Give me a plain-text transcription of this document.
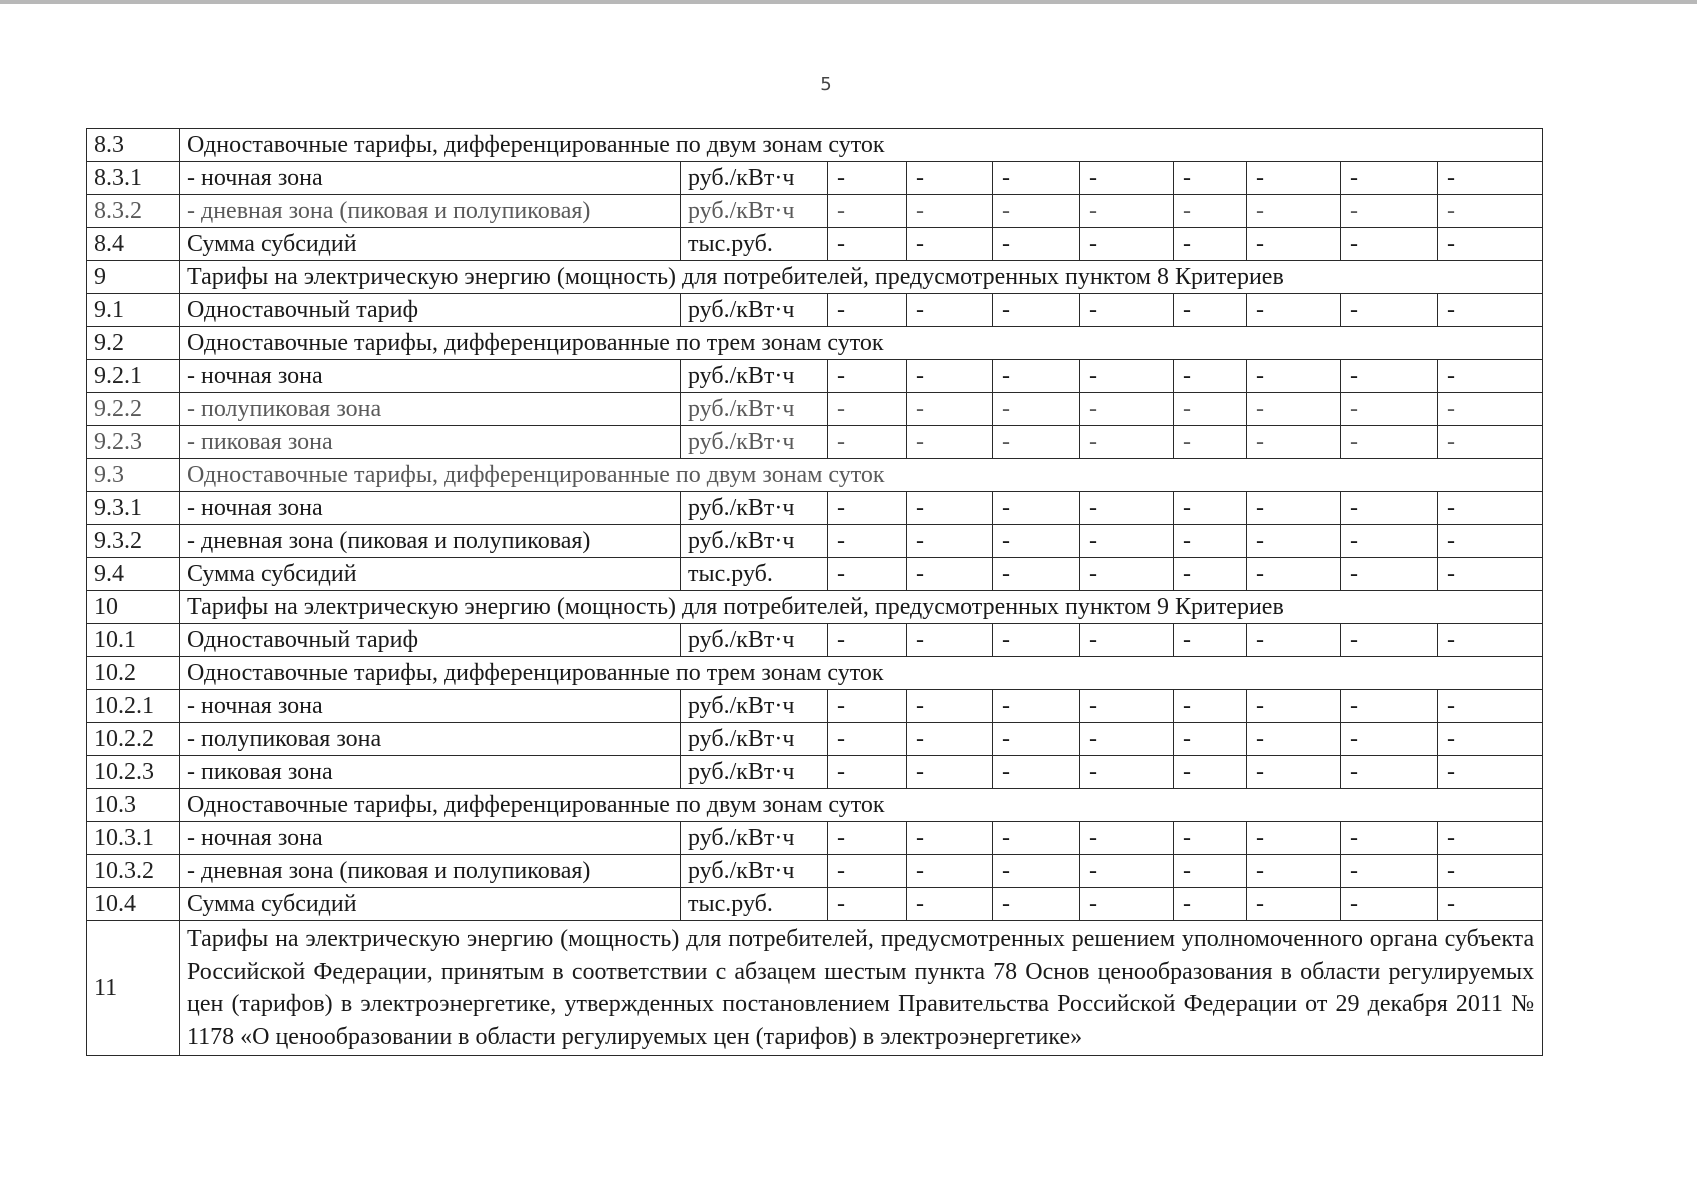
5
8.3	Одноставочные тарифы, дифференцированные по двум зонам суток									
8.3.1	- ночная зона	руб./кВт·ч	-	-	-	-	-	-	-	-
8.3.2	- дневная зона (пиковая и полупиковая)	руб./кВт·ч	-	-	-	-	-	-	-	-
8.4	Сумма субсидий	тыс.руб.	-	-	-	-	-	-	-	-
9	Тарифы на электрическую энергию (мощность) для потребителей, предусмотренных пунктом 8 Критериев									
9.1	Одноставочный тариф	руб./кВт·ч	-	-	-	-	-	-	-	-
9.2	Одноставочные тарифы, дифференцированные по трем зонам суток									
9.2.1	- ночная зона	руб./кВт·ч	-	-	-	-	-	-	-	-
9.2.2	- полупиковая зона	руб./кВт·ч	-	-	-	-	-	-	-	-
9.2.3	- пиковая зона	руб./кВт·ч	-	-	-	-	-	-	-	-
9.3	Одноставочные тарифы, дифференцированные по двум зонам суток									
9.3.1	- ночная зона	руб./кВт·ч	-	-	-	-	-	-	-	-
9.3.2	- дневная зона (пиковая и полупиковая)	руб./кВт·ч	-	-	-	-	-	-	-	-
9.4	Сумма субсидий	тыс.руб.	-	-	-	-	-	-	-	-
10	Тарифы на электрическую энергию (мощность) для потребителей, предусмотренных пунктом 9 Критериев									
10.1	Одноставочный тариф	руб./кВт·ч	-	-	-	-	-	-	-	-
10.2	Одноставочные тарифы, дифференцированные по трем зонам суток									
10.2.1	- ночная зона	руб./кВт·ч	-	-	-	-	-	-	-	-
10.2.2	- полупиковая зона	руб./кВт·ч	-	-	-	-	-	-	-	-
10.2.3	- пиковая зона	руб./кВт·ч	-	-	-	-	-	-	-	-
10.3	Одноставочные тарифы, дифференцированные по двум зонам суток									
10.3.1	- ночная зона	руб./кВт·ч	-	-	-	-	-	-	-	-
10.3.2	- дневная зона (пиковая и полупиковая)	руб./кВт·ч	-	-	-	-	-	-	-	-
10.4	Сумма субсидий	тыс.руб.	-	-	-	-	-	-	-	-
11	Тарифы на электрическую энергию (мощность) для потребителей, предусмотренных решением уполномоченного органа субъекта Российской Федерации, принятым в соответствии с абзацем шестым пункта 78 Основ ценообразования в области регулируемых цен (тарифов) в электроэнергетике, утвержденных постановлением Правительства Российской Федерации от 29 декабря 2011 № 1178 «О ценообразовании в области регулируемых цен (тарифов) в электроэнергетике»									
